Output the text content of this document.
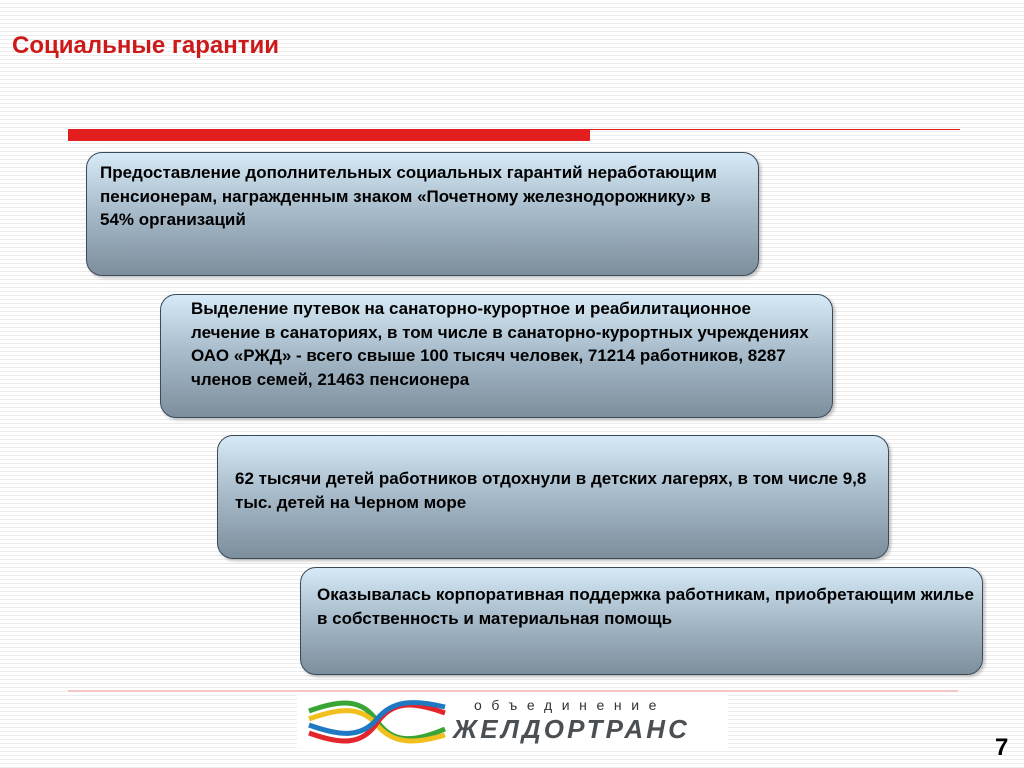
Социальные гарантии

Предоставление дополнительных социальных гарантий неработающим пенсионерам, награжденным знаком «Почетному железнодорожнику» в 54% организаций

Выделение путевок на санаторно-курортное и реабилитационное лечение в санаториях, в том числе в санаторно-курортных учреждениях ОАО «РЖД» - всего свыше 100 тысяч человек, 71214 работников, 8287 членов семей, 21463 пенсионера

62 тысячи детей работников отдохнули в детских лагерях, в том числе 9,8 тыс. детей на Черном море

Оказывалась корпоративная поддержка работникам, приобретающим жилье в собственность и материальная помощь

объединение
ЖЕЛДОРТРАНС
7
